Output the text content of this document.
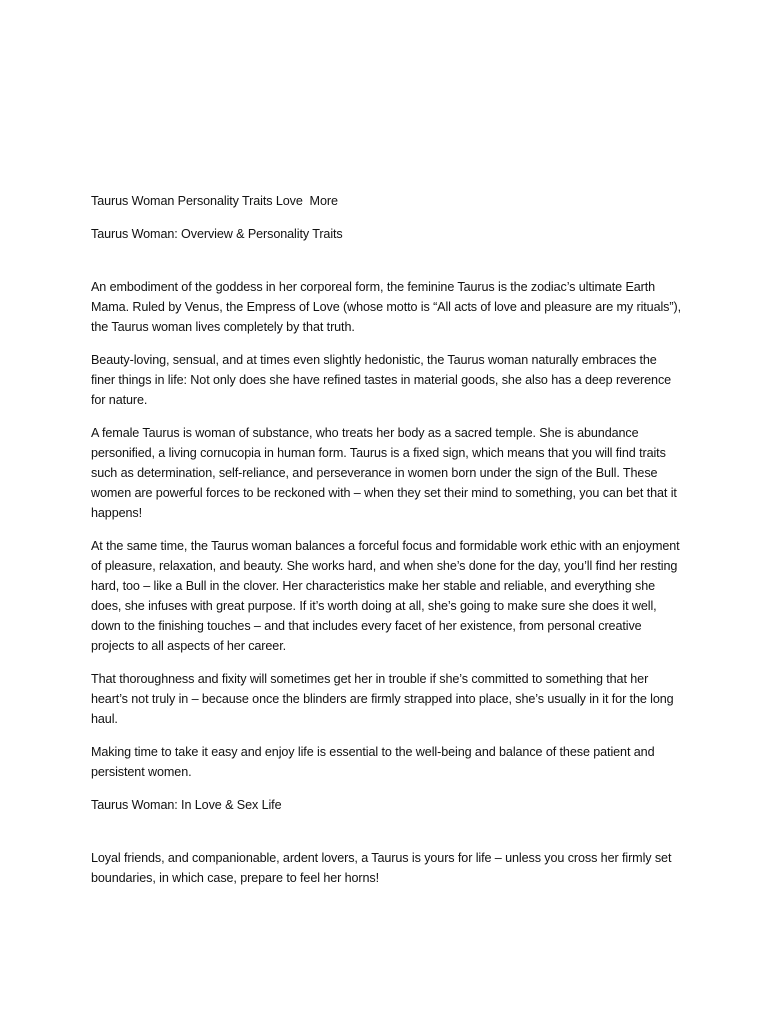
Taurus Woman Personality Traits Love  More

Taurus Woman: Overview & Personality Traits

An embodiment of the goddess in her corporeal form, the feminine Taurus is the zodiac’s ultimate Earth Mama. Ruled by Venus, the Empress of Love (whose motto is “All acts of love and pleasure are my rituals”), the Taurus woman lives completely by that truth.

Beauty-loving, sensual, and at times even slightly hedonistic, the Taurus woman naturally embraces the finer things in life: Not only does she have refined tastes in material goods, she also has a deep reverence for nature.

A female Taurus is woman of substance, who treats her body as a sacred temple. She is abundance personified, a living cornucopia in human form. Taurus is a fixed sign, which means that you will find traits such as determination, self-reliance, and perseverance in women born under the sign of the Bull. These women are powerful forces to be reckoned with – when they set their mind to something, you can bet that it happens!

At the same time, the Taurus woman balances a forceful focus and formidable work ethic with an enjoyment of pleasure, relaxation, and beauty. She works hard, and when she’s done for the day, you’ll find her resting hard, too – like a Bull in the clover. Her characteristics make her stable and reliable, and everything she does, she infuses with great purpose. If it’s worth doing at all, she’s going to make sure she does it well, down to the finishing touches – and that includes every facet of her existence, from personal creative projects to all aspects of her career.

That thoroughness and fixity will sometimes get her in trouble if she’s committed to something that her heart’s not truly in – because once the blinders are firmly strapped into place, she’s usually in it for the long haul.

Making time to take it easy and enjoy life is essential to the well-being and balance of these patient and persistent women.

Taurus Woman: In Love & Sex Life

Loyal friends, and companionable, ardent lovers, a Taurus is yours for life – unless you cross her firmly set boundaries, in which case, prepare to feel her horns!
